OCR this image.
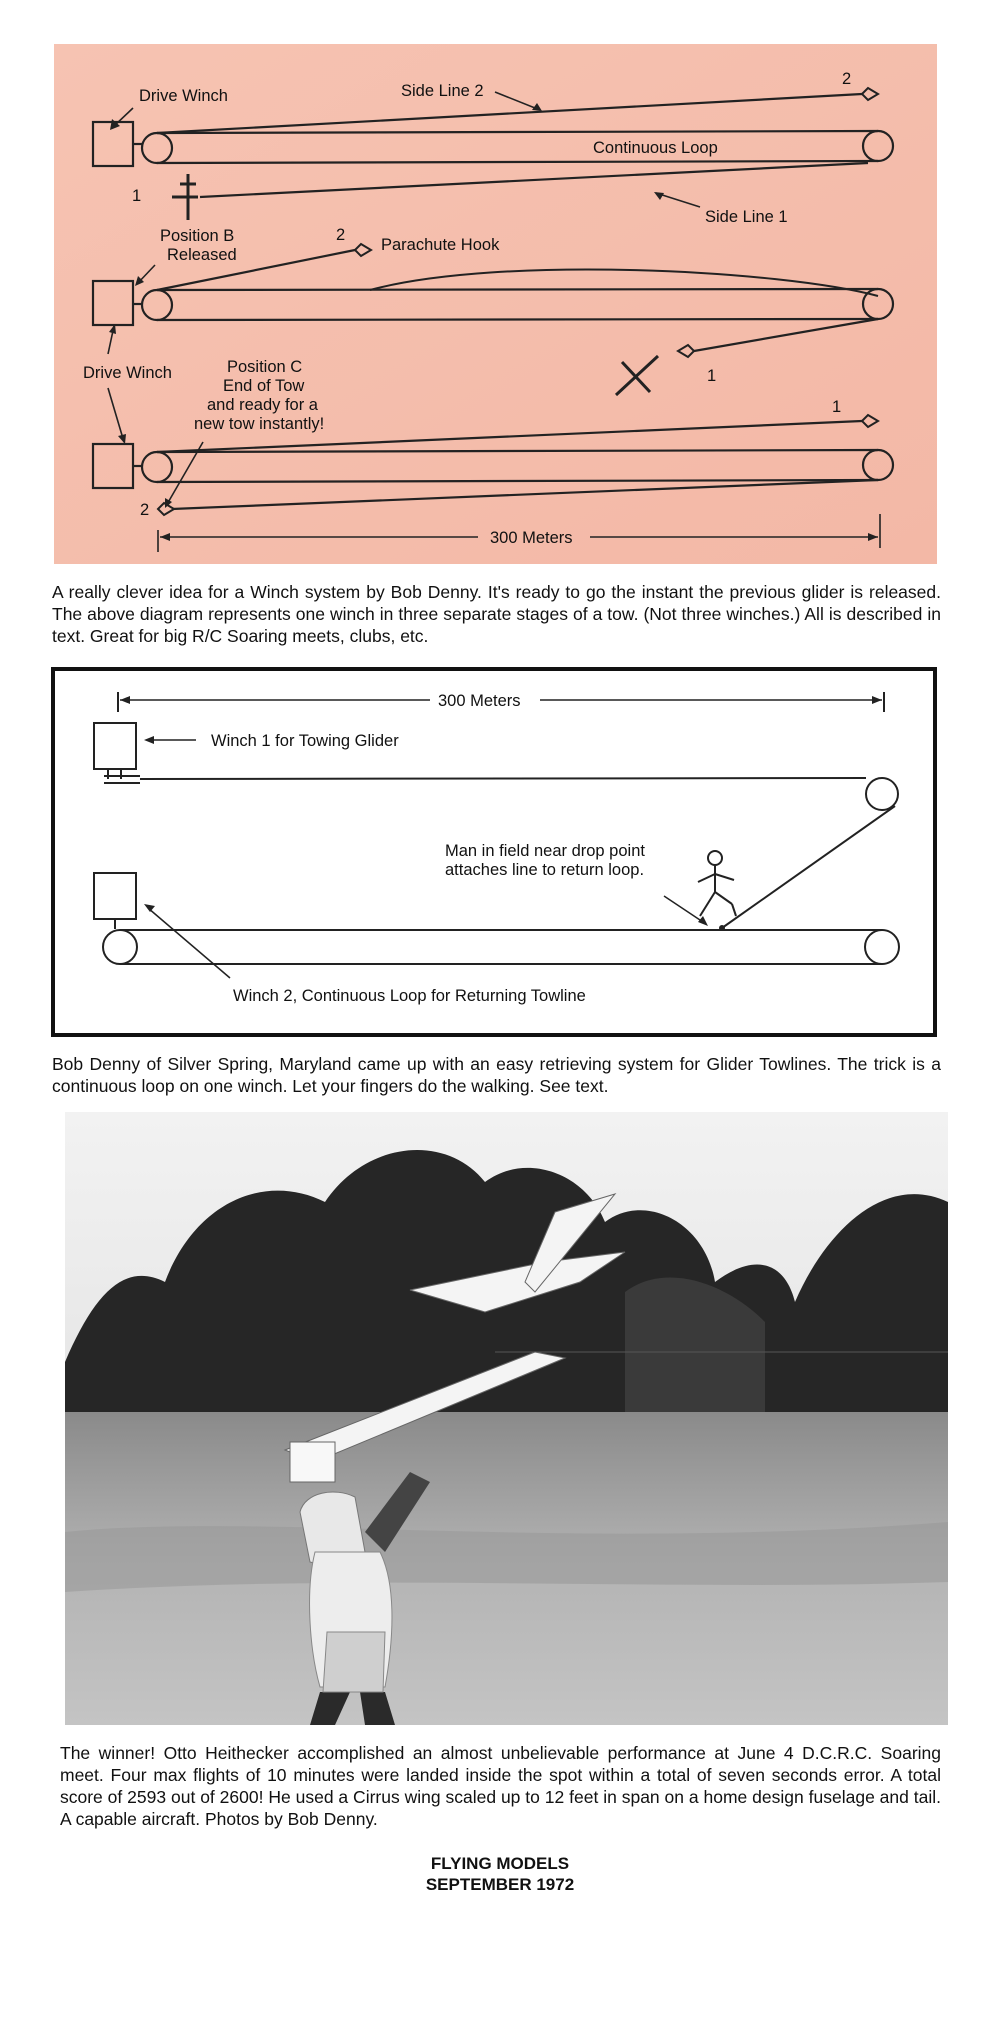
Drive Winch	Side Line 2
2
Continuous Loop
1
Side Line 1
Position B
Released
2
Parachute Hook
Drive Winch	1
Position C
End of Tow
and ready for a
new tow instantly!
1
2
300 Meters
A really clever idea for a Winch system by Bob Denny. It's ready to go the instant the previous glider is released. The above diagram represents one winch in three separate stages of a tow. (Not three winches.) All is described in text. Great for big R/C Soaring meets, clubs, etc.
300 Meters
Winch 1 for Towing Glider
Man in field near drop point
attaches line to return loop.
Winch 2, Continuous Loop for Returning Towline
Bob Denny of Silver Spring, Maryland came up with an easy retrieving system for Glider Towlines. The trick is a continuous loop on one winch. Let your fingers do the walking. See text.
The winner! Otto Heithecker accomplished an almost unbelievable performance at June 4 D.C.R.C. Soaring meet. Four max flights of 10 minutes were landed inside the spot within a total of seven seconds error. A total score of 2593 out of 2600! He used a Cirrus wing scaled up to 12 feet in span on a home design fuselage and tail. A capable aircraft. Photos by Bob Denny.
FLYING MODELS
SEPTEMBER 1972
